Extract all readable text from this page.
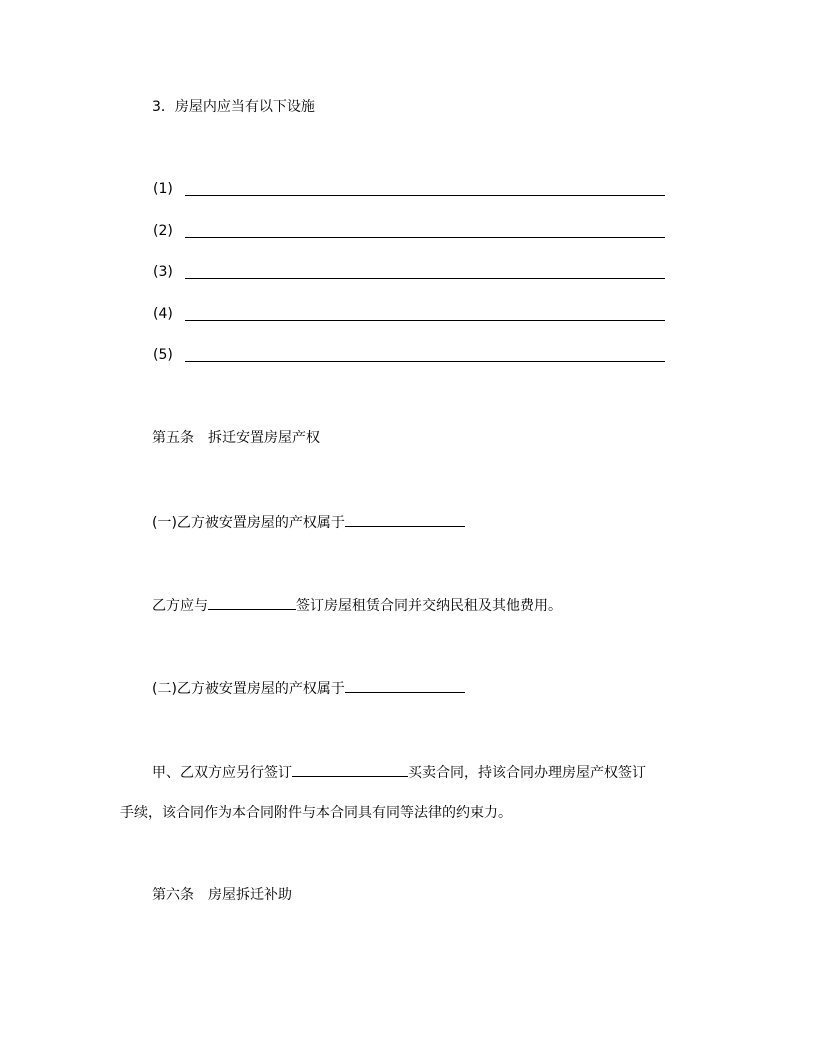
3．房屋内应当有以下设施
(1)
(2)
(3)
(4)
(5)
第五条 拆迁安置房屋产权
(一)乙方被安置房屋的产权属于
乙方应与	签订房屋租赁合同并交纳民租及其他费用。
(二)乙方被安置房屋的产权属于
甲、乙双方应另行签订	买卖合同，持该合同办理房屋产权签订
手续，该合同作为本合同附件与本合同具有同等法律的约束力。
第六条 房屋拆迁补助
